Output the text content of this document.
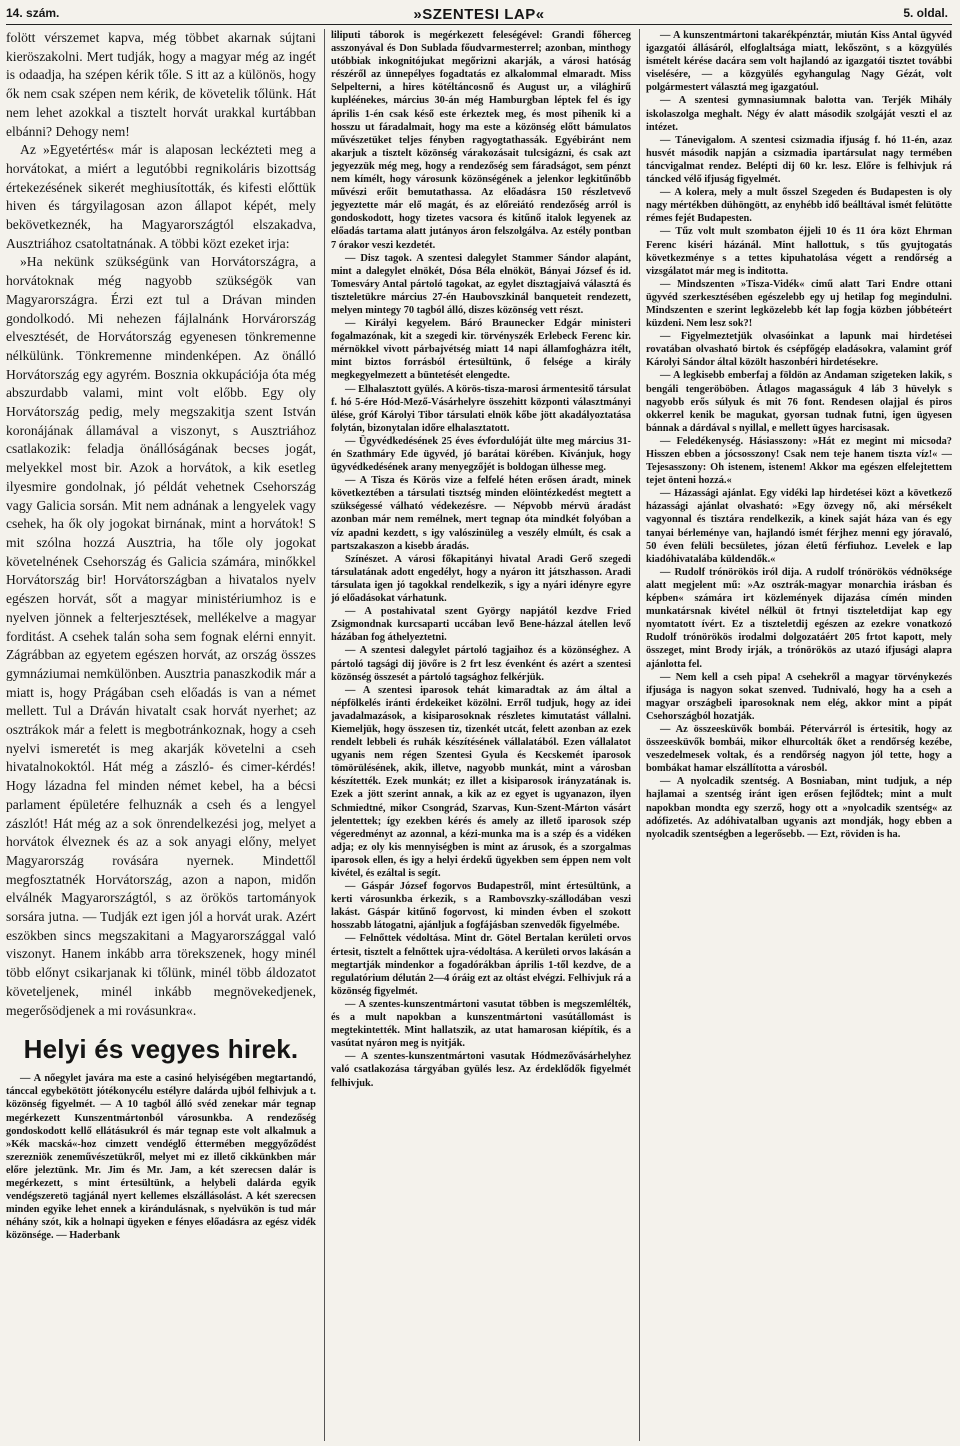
14. szám.	»SZENTESI LAP«	5. oldal.

folött vérszemet kapva, még többet akarnak sújtani kieröszakolni. Mert tudják, hogy a magyar még az ingét is odaadja, ha szépen kérik tőle. S itt az a különös, hogy ők nem csak szépen nem kérik, de követelik tőlünk. Hát nem lehet azokkal a tisztelt horvát urakkal kurtábban elbánni? Dehogy nem!

Az »Egyetértés« már is alaposan leckézteti meg a horvátokat, a miért a legutóbbi regnikoláris bizottság értekezésének sikerét meghiusították, és kifesti előttük hiven és tárgyilagosan azon állapot képét, mely bekövetkeznék, ha Magyarországtól elszakadva, Ausztriához csatoltatnának. A többi közt ezeket irja:

»Ha nekünk szükségünk van Horvátországra, a horvátoknak még nagyobb szükségök van Magyarországra. Érzi ezt tul a Drávan minden gondolkodó. Mi nehezen fájlalnánk Horvárország elvesztését, de Horvátország egyenesen tönkremenne nélkülünk. Tönkremenne mindenképen. Az önálló Horvátország egy agyrém. Bosznia okkupációja óta még abszurdabb valami, mint volt előbb. Egy oly Horvátország pedig, mely megszakitja szent István koronájának államával a viszonyt, s Ausztriához csatlakozik: feladja önállóságának becses jogát, melyekkel most bir. Azok a horvátok, a kik esetleg ilyesmire gondolnak, jó példát vehetnek Csehország vagy Galicia sorsán. Mit nem adnának a lengyelek vagy csehek, ha ők oly jogokat birnának, mint a horvátok! S mit szólna hozzá Ausztria, ha tőle oly jogokat követelnének Csehország és Galicia számára, minőkkel Horvátország bir! Horvátországban a hivatalos nyelv egészen horvát, sőt a magyar ministériumhoz is e nyelven jönnek a felterjesztések, mellékelve a magyar forditást. A csehek talán soha sem fognak elérni ennyit. Zágrábban az egyetem egészen horvát, az ország összes gymnáziumai nemkülönben. Ausztria panaszkodik már a miatt is, hogy Prágában cseh előadás is van a német mellett. Tul a Dráván hivatalt csak horvát nyerhet; az osztrákok már a felett is megbotránkoznak, hogy a cseh nyelvi ismeretét is meg akarják követelni a cseh hivatalnokoktól. Hát még a zászló- és cimer-kérdés! Hogy lázadna fel minden német kebel, ha a bécsi parlament épületére felhuznák a cseh és a lengyel zászlót! Hát még az a sok önrendelkezési jog, melyet a horvátok élveznek és az a sok anyagi előny, melyet Magyarország rovására nyernek. Mindettől megfosztatnék Horvátország, azon a napon, midőn elválnék Magyarországtól, s az örökös tartományok sorsára jutna. — Tudják ezt igen jól a horvát urak. Azért eszökben sincs megszakitani a Magyarországgal való viszonyt. Hanem inkább arra törekszenek, hogy minél több előnyt csikarjanak ki tőlünk, minél több áldozatot követeljenek, minél inkább megnövekedjenek, megerősödjenek a mi rovásunkra«.

Helyi és vegyes hirek.

— A nőegylet javára ma este a casinó helyiségében megtartandó, tánccal egybekötött jótékonycélu estélyre dalárda ujból felhivjuk a t. közönség figyelmét. — A 10 tagból álló svéd zenekar már tegnap megérkezett Kunszentmártonból városunkba. A rendezőség gondoskodott kellő ellátásukról és már tegnap este volt alkalmuk a »Kék macská«-hoz cimzett vendéglő éttermében meggyőződést szerezniök zeneművészetükről, melyet mi ez illető cikkünkben már előre jeleztünk. Mr. Jim és Mr. Jam, a két szerecsen dalár is megérkezett, s mint értesültünk, a helybeli dalárda egyik vendégszeretö tagjánál nyert kellemes elszállásolást. A két szerecsen minden egyike lehet ennek a kirándulásnak, s nyelvükön is tud már néhány szót, kik a holnapi ügyeken e fényes előadásra az egész vidék közönsége. — Haderbank

liliputi táborok is megérkezett feleségével: Grandi főherceg asszonyával és Don Sublada főudvarmesterrel; azonban, minthogy utóbbiak inkognitójukat megőrizni akarják, a városi hatóság részéről az ünnepélyes fogadtatás ez alkalommal elmaradt. Miss Selpelterni, a hires kötéltáncosnő és August ur, a világhirű kupléénekes, március 30-án még Hamburgban léptek fel és igy április 1-én csak késő este érkeztek meg, és most pihenik ki a hosszu ut fáradalmait, hogy ma este a közönség előtt bámulatos művészetüket teljes fényben ragyogtathassák. Egyébiránt nem akarjuk a tisztelt közönség várakozásait tulcsigázni, és csak azt jegyezzük még meg, hogy a rendezőség sem fáradságot, sem pénzt nem kímélt, hogy városunk közönségének a jelenkor legkitűnőbb művészi erőit bemutathassa. Az előadásra 150 részletvevő jegyeztette már elő magát, és az előreiátó rendezőség arról is gondoskodott, hogy tizetes vacsora és kitűnő italok legyenek az előadás tartama alatt jutányos áron felszolgálva. Az estély pontban 7 órakor veszi kezdetét.

— Disz tagok. A szentesi dalegylet Stammer Sándor alapánt, mint a dalegylet elnökét, Dósa Béla elnököt, Bányai József és id. Tomesváry Antal pártoló tagokat, az egylet disztagjaivá választá és tiszteletükre március 27-én Haubovszkinál banqueteit rendezett, melyen mintegy 70 tagból álló, diszes közönség vett részt.

— Királyi kegyelem. Báró Braunecker Edgár ministeri fogalmazónak, kit a szegedi kir. törvényszék Erlebeck Ferenc kir. mérnökkel vivott párbajvétség miatt 14 napi államfogházra itélt, mint biztos forrásból értesültünk, ő felsége a király megkegyelmezett a büntetését elengedte.

— Elhalasztott gyülés. A körös-tisza-marosi ármentesitő társulat f. hó 5-ére Hód-Mező-Vásárhelyre összehitt központi választmányi ülése, gróf Károlyi Tibor társulati elnök kőbe jött akadályoztatása folytán, bizonytalan időre elhalasztatott.

— Ügyvédkedésének 25 éves évfordulóját ülte meg március 31-én Szathmáry Ede ügyvéd, jó barátai körében. Kivánjuk, hogy ügyvédkedésének arany menyegzőjét is boldogan ülhesse meg.

— A Tisza és Körös vize a felfelé héten erősen áradt, minek következtében a társulati tisztség minden elöintézkedést megtett a szükségessé válható védekezésre. — Népvobb mérvü áradást azonban már nem remélnek, mert tegnap óta mindkét folyóban a víz apadni kezdett, s igy valószinüleg a veszély elmúlt, és csak a partszakaszon a kisebb áradás.

Színészet. A városi főkapitányi hivatal Aradi Gerő szegedi társulatának adott engedélyt, hogy a nyáron itt játszhasson. Aradi társulata igen jó tagokkal rendelkezik, s igy a nyári idényre egyre jó előadásokat várhatunk.

— A postahivatal szent György napjától kezdve Fried Zsigmondnak kurcsaparti uccában levő Bene-házzal átellen levő házában fog áthelyeztetni.

— A szentesi dalegylet pártoló tagjaihoz és a közönséghez. A pártoló tagsági dij jövőre is 2 frt lesz évenként és azért a szentesi közönség összesét a pártoló tagsághoz felkérjük.

— A szentesi iparosok tehát kimaradtak az ám által a népfölkelés iránti érdekeiket közölni. Erről tudjuk, hogy az idei javadalmazások, a kisiparosoknak részletes kimutatást vállalni. Kiemeljük, hogy összesen tiz, tizenkét utcát, felett azonban az ezek rendelt lebbeli és ruhák készítésének vállalatából. Ezen vállalatot ugyanis nem régen Szentesi Gyula és Kecskemét iparosok tömörülésének, akik, illetve, nagyobb munkát, mint a városban készítették. Ezek munkát; ez illet a kisiparosok irányzatának is. Ezek a jött szerint annak, a kik az ez egyet is ugyanazon, ilyen Schmiedtné, mikor Csongrád, Szarvas, Kun-Szent-Márton vásárt jelentettek; így ezekben kérés és amely az illető iparosok szép végeredményt az azonnal, a kézi-munka ma is a szép és a vidéken adja; ez oly kis mennyiségben is mint az árusok, és a szorgalmas iparosok ellen, és igy a helyi érdekű ügyekben sem éppen nem volt kivétel, és ezáltal is segít.

— Gáspár József fogorvos Budapestről, mint értesültünk, a kerti városunkba érkezik, s a Rambovszky-szállodában veszi lakást. Gáspár kitűnő fogorvost, ki minden évben el szokott hosszabb látogatni, ajánljuk a fogfájásban szenvedők figyelmébe.

— Felnőttek védoltása. Mint dr. Götel Bertalan kerületi orvos értesit, tisztelt a felnőttek ujra-védoltása. A kerületi orvos lakásán a megtartják mindenkor a fogadórákban április 1-től kezdve, de a regulatórium délután 2—4 óráig ezt az oltást elvégzi. Felhivjuk rá a közönség figyelmét.

— A szentes-kunszentmártoni vasutat többen is megszemlélték, és a mult napokban a kunszentmártoni vasútállomást is megtekintették. Mint hallatszik, az utat hamarosan kiépítik, és a vasútat nyáron meg is nyitják.

— A szentes-kunszentmártoni vasutak Hódmezővásárhelyhez való csatlakozása tárgyában gyülés lesz. Az érdeklődők figyelmét felhivjuk.

— A kunszentmártoni takarékpénztár, miután Kiss Antal ügyvéd igazgatói állásáról, elfoglaltsága miatt, lekőszönt, s a közgyülés ismételt kérése dacára sem volt hajlandó az igazgatói tisztet további viselésére, — a közgyülés egyhangulag Nagy Gézát, volt polgármestert választá meg igazgatóul.

— A szentesi gymnasiumnak balotta van. Terjék Mihály iskolaszolga meghalt. Négy év alatt második szolgáját veszti el az intézet.

— Tánevigalom. A szentesi csizmadia ifjuság f. hó 11-én, azaz husvét második napján a csizmadia ipartársulat nagy termében táncvigalmat rendez. Belépti dij 60 kr. lesz. Előre is felhivjuk rá táncked vélő ifjuság figyelmét.

— A kolera, mely a mult ősszel Szegeden és Budapesten is oly nagy mértékben dühöngött, az enyhébb idő beálltával ismét felütötte rémes fejét Budapesten.

— Tűz volt mult szombaton éjjeli 10 és 11 óra közt Ehrman Ferenc kiséri házánál. Mint hallottuk, s tűs gyujtogatás következménye s a tettes kipuhatolása végett a rendőrség a vizsgálatot már meg is inditotta.

— Mindszenten »Tisza-Vidék« cimű alatt Tari Endre ottani ügyvéd szerkesztésében egészelebb egy uj hetilap fog megindulni. Mindszenten e szerint legközelebb két lap fogja közben jóbbéteért küzdeni. Nem lesz sok?!

— Figyelmeztetjük olvasóinkat a lapunk mai hirdetései rovatában olvasható birtok és csépfőgép eladásokra, valamint gróf Károlyi Sándor által közölt haszonbéri hirdetésekre.

— A legkisebb emberfaj a földön az Andaman szigeteken lakik, s bengáli tengeröböben. Átlagos magasságuk 4 láb 3 hüvelyk s nagyobb erős súlyuk és mit 76 font. Rendesen olajjal és piros okkerrel kenik be magukat, gyorsan tudnak futni, igen ügyesen bánnak a dárdával s nyillal, e mellett ügyes harcisasak.

— Feledékenység. Hásiasszony: »Hát ez megint mi micsoda? Hisszen ebben a jócsosszony! Csak nem teje hanem tiszta víz!« — Tejesasszony: Oh istenem, istenem! Akkor ma egészen elfelejtettem tejet önteni hozzá.«

— Házassági ajánlat. Egy vidéki lap hirdetései közt a következő házassági ajánlat olvasható: »Egy özvegy nő, aki mérsékelt vagyonnal és tisztára rendelkezik, a kinek saját háza van és egy tanyai bérleménye van, hajlandó ismét férjhez menni egy jóravaló, 50 éven felüli becsületes, józan életű férfiuhoz. Levelek e lap kiadóhivatalába küldendők.«

— Rudolf trónörökös iról dija. A rudolf trónörökös védnöksége alatt megjelent mű: »Az osztrák-magyar monarchia irásban és képben« számára irt közlemények dijazása címén minden munkatársnak kivétel nélkül öt frtnyi tiszteletdijat kap egy nyomtatott ívért. Ez a tiszteletdij egészen az ezekre vonatkozó Rudolf trónörökös irodalmi dolgozatáért 205 frtot kapott, mely összeget, mint Brody irják, a trónörökös az utazó ifjusági alapra ajánlotta fel.

— Nem kell a cseh pipa! A csehekről a magyar törvénykezés ifjusága is nagyon sokat szenved. Tudnivaló, hogy ha a cseh a magyar országbeli iparosoknak nem elég, akkor mint a pipát Csehországból hozatják.

— Az összeesküvők bombái. Pétervárról is értesitik, hogy az összeesküvők bombái, mikor elhurcolták őket a rendőrség kezébe, veszedelmesek voltak, és a rendőrség nagyon jól tette, hogy a bombákat hamar elszállította a városból.

— A nyolcadik szentség. A Bosniaban, mint tudjuk, a nép hajlamai a szentség iránt igen erősen fejlődtek; mint a mult napokban mondta egy szerző, hogy ott a »nyolcadik szentség« az adófizetés. Az adóhivatalban ugyanis azt mondják, hogy ebben a nyolcadik szentségben a legerősebb. — Ezt, röviden is ha.
